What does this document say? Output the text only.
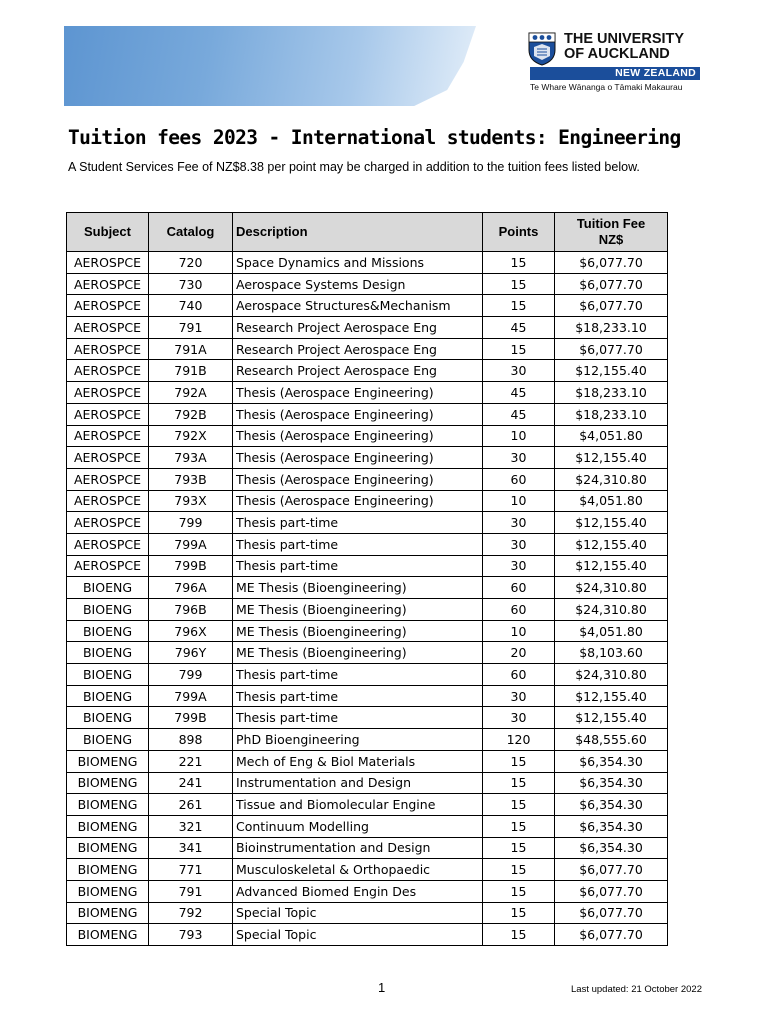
THE UNIVERSITY
OF AUCKLAND
NEW ZEALAND
Te Whare Wānanga o Tāmaki Makaurau
Tuition fees 2023 - International students: Engineering
A Student Services Fee of NZ$8.38 per point may be charged in addition to the tuition fees listed below.
Subject	Catalog	Description	Points	Tuition Fee NZ$
AEROSPCE	720	Space Dynamics and Missions	15	$6,077.70
AEROSPCE	730	Aerospace Systems Design	15	$6,077.70
AEROSPCE	740	Aerospace Structures&Mechanism	15	$6,077.70
AEROSPCE	791	Research Project Aerospace Eng	45	$18,233.10
AEROSPCE	791A	Research Project Aerospace Eng	15	$6,077.70
AEROSPCE	791B	Research Project Aerospace Eng	30	$12,155.40
AEROSPCE	792A	Thesis (Aerospace Engineering)	45	$18,233.10
AEROSPCE	792B	Thesis (Aerospace Engineering)	45	$18,233.10
AEROSPCE	792X	Thesis (Aerospace Engineering)	10	$4,051.80
AEROSPCE	793A	Thesis (Aerospace Engineering)	30	$12,155.40
AEROSPCE	793B	Thesis (Aerospace Engineering)	60	$24,310.80
AEROSPCE	793X	Thesis (Aerospace Engineering)	10	$4,051.80
AEROSPCE	799	Thesis part-time	30	$12,155.40
AEROSPCE	799A	Thesis part-time	30	$12,155.40
AEROSPCE	799B	Thesis part-time	30	$12,155.40
BIOENG	796A	ME Thesis (Bioengineering)	60	$24,310.80
BIOENG	796B	ME Thesis (Bioengineering)	60	$24,310.80
BIOENG	796X	ME Thesis (Bioengineering)	10	$4,051.80
BIOENG	796Y	ME Thesis (Bioengineering)	20	$8,103.60
BIOENG	799	Thesis part-time	60	$24,310.80
BIOENG	799A	Thesis part-time	30	$12,155.40
BIOENG	799B	Thesis part-time	30	$12,155.40
BIOENG	898	PhD Bioengineering	120	$48,555.60
BIOMENG	221	Mech of Eng & Biol Materials	15	$6,354.30
BIOMENG	241	Instrumentation and Design	15	$6,354.30
BIOMENG	261	Tissue and Biomolecular Engine	15	$6,354.30
BIOMENG	321	Continuum Modelling	15	$6,354.30
BIOMENG	341	Bioinstrumentation and Design	15	$6,354.30
BIOMENG	771	Musculoskeletal & Orthopaedic	15	$6,077.70
BIOMENG	791	Advanced Biomed Engin Des	15	$6,077.70
BIOMENG	792	Special Topic	15	$6,077.70
BIOMENG	793	Special Topic	15	$6,077.70
1	Last updated: 21 October 2022
